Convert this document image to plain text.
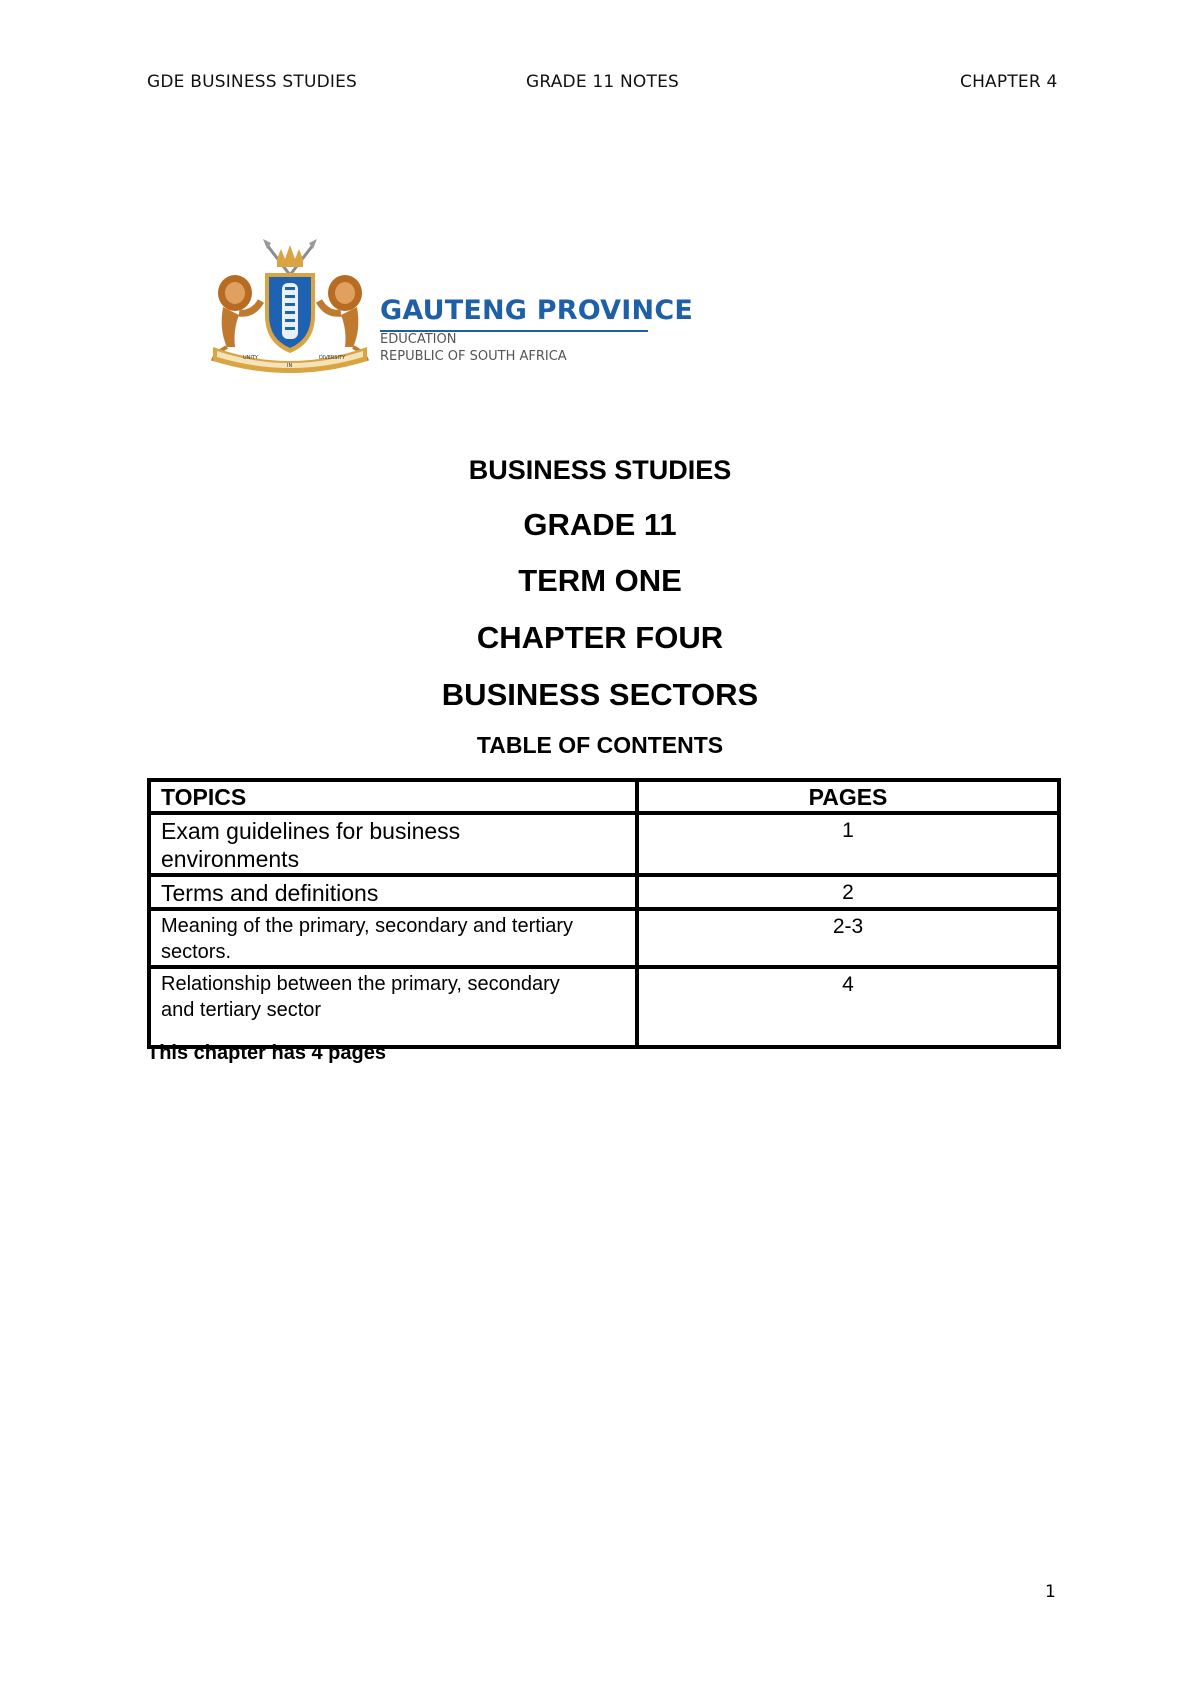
GDE BUSINESS STUDIES	GRADE 11 NOTES	CHAPTER 4
UNITY
IN
DIVERSITY
GAUTENG PROVINCE
EDUCATION
REPUBLIC OF SOUTH AFRICA
BUSINESS STUDIES
GRADE 11
TERM ONE
CHAPTER FOUR
BUSINESS SECTORS
TABLE OF CONTENTS
TOPICS	PAGES
Exam guidelines for business
environments	1
Terms and definitions	2
Meaning of the primary, secondary and tertiary
sectors.	2-3
Relationship between the primary, secondary
and tertiary sector	4
This chapter has 4 pages
1
